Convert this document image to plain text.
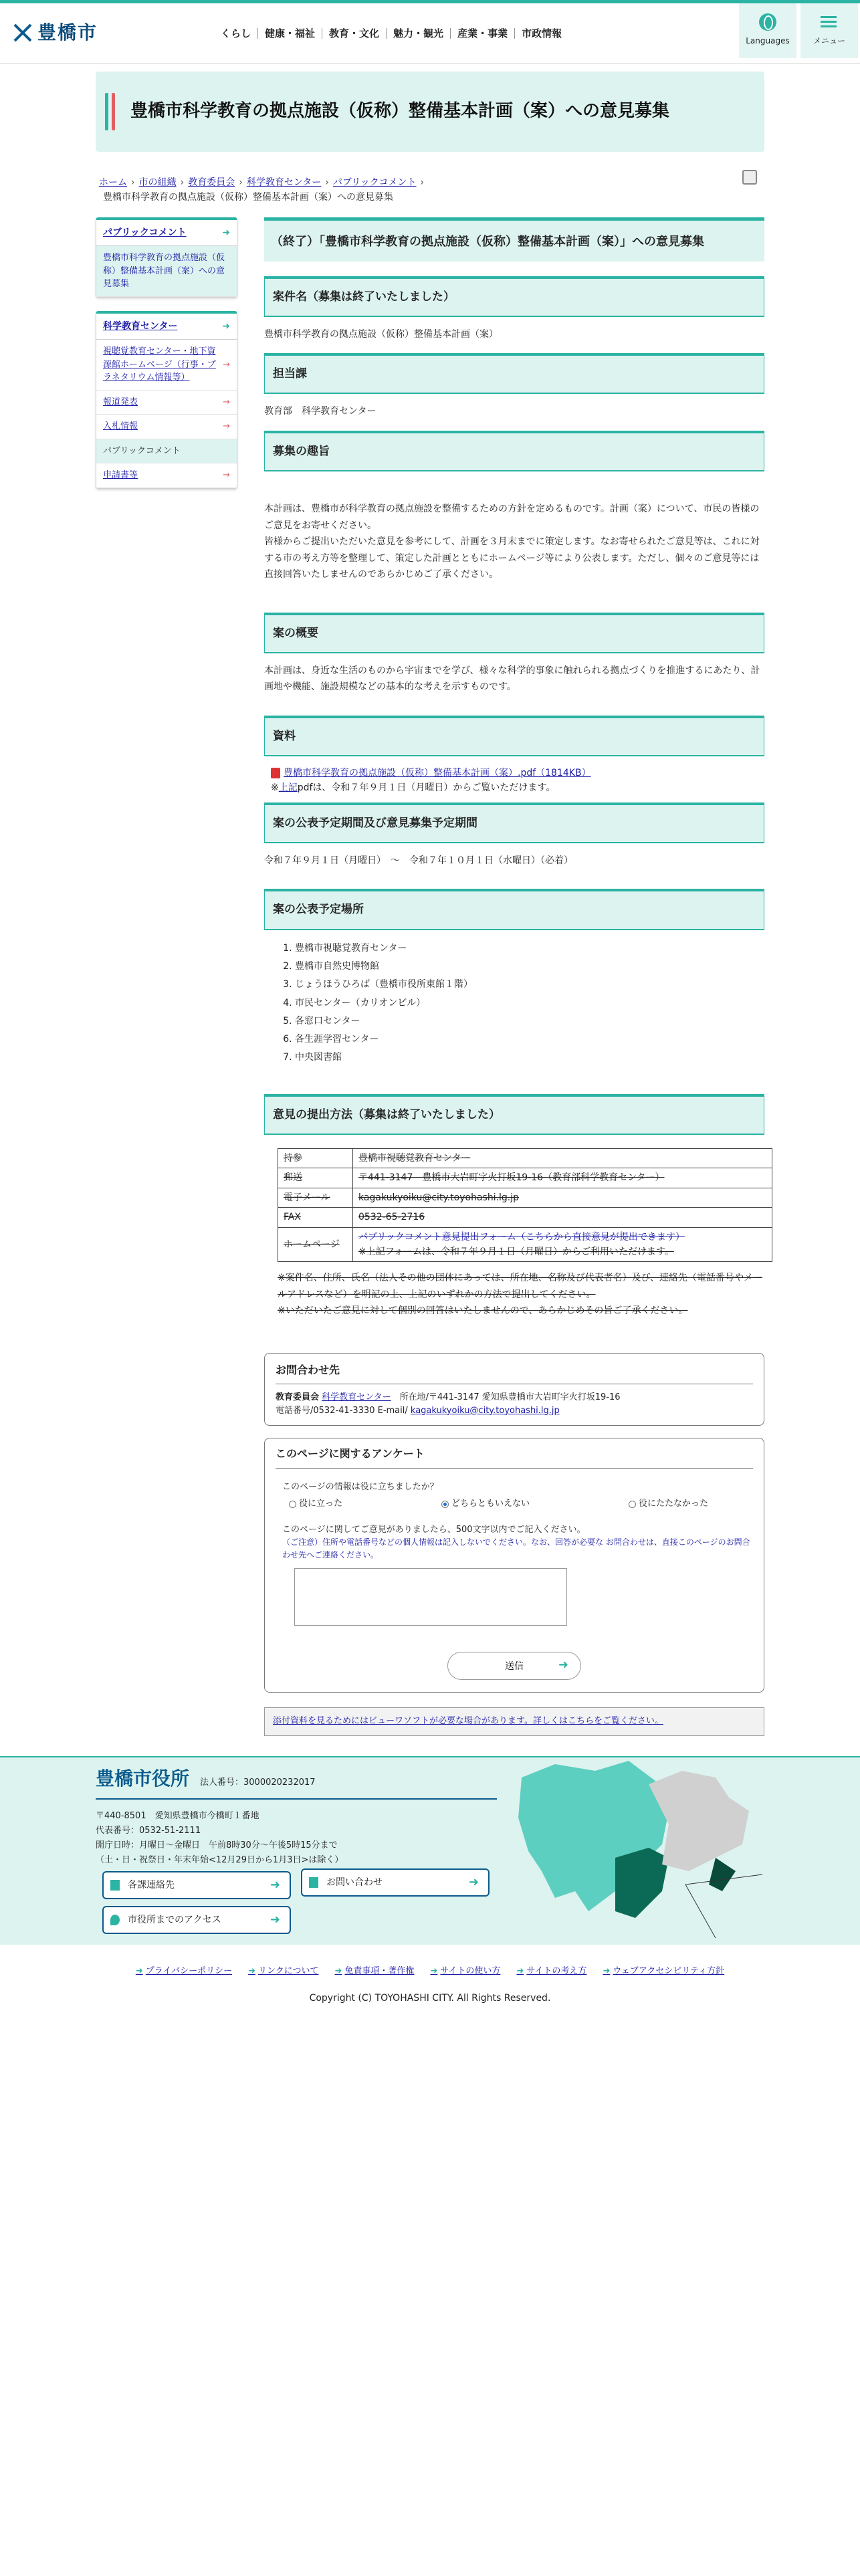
豊橋市	くらし	健康・福祉	教育・文化	魅力・観光	産業・事業	市政情報
Languages	メニュー
豊橋市科学教育の拠点施設（仮称）整備基本計画（案）への意見募集
ホーム › 市の組織 › 教育委員会 › 科学教育センター › パブリックコメント ›
豊橋市科学教育の拠点施設（仮称）整備基本計画（案）への意見募集
パブリックコメント	➜
豊橋市科学教育の拠点施設（仮称）整備基本計画（案）への意見募集
科学教育センター	➜
視聴覚教育センター・地下資源館ホームページ（行事・プラネタリウム情報等）
→
報道発表	→
入札情報	→
パブリックコメント
申請書等	→
（終了）「豊橋市科学教育の拠点施設（仮称）整備基本計画（案）」への意見募集
案件名（募集は終了いたしました）

豊橋市科学教育の拠点施設（仮称）整備基本計画（案）

担当課

教育部　科学教育センター

募集の趣旨

本計画は、豊橋市が科学教育の拠点施設を整備するための方針を定めるものです。計画（案）について、市民の皆様のご意見をお寄せください。

皆様からご提出いただいた意見を参考にして、計画を３月末までに策定します。なお寄せられたご意見等は、これに対する市の考え方等を整理して、策定した計画とともにホームページ等により公表します。ただし、個々のご意見等には直接回答いたしませんのであらかじめご了承ください。

案の概要

本計画は、身近な生活のものから宇宙までを学び、様々な科学的事象に触れられる拠点づくりを推進するにあたり、計画地や機能、施設規模などの基本的な考えを示すものです。

資料
豊橋市科学教育の拠点施設（仮称）整備基本計画（案）.pdf（1814KB）
※ 上記 pdfは、令和７年９月１日（月曜日）からご覧いただけます。
案の公表予定期間及び意見募集予定期間

令和７年９月１日（月曜日）　～　令和７年１０月１日（水曜日）（必着）

案の公表予定場所
1. 豊橋市視聴覚教育センター
2. 豊橋市自然史博物館
3. じょうほうひろば（豊橋市役所東館１階）
4. 市民センター（カリオンビル）
5. 各窓口センター
6. 各生涯学習センター
7. 中央図書館
意見の提出方法（募集は終了いたしました）
持参	豊橋市視聴覚教育センター
郵送	〒441-3147　豊橋市大岩町字火打坂19-16（教育部科学教育センター）
電子メール	kagakukyoiku@city.toyohashi.lg.jp
FAX	0532-65-2716
ホームページ	パブリックコメント意見提出フォーム（こちらから直接意見が提出できます）
※上記フォームは、令和７年９月１日（月曜日）からご利用いただけます。

※案件名、住所、氏名（法人その他の団体にあっては、所在地、名称及び代表者名）及び、連絡先（電話番号やメールアドレスなど）を明記の上、上記のいずれかの方法で提出してください。

※いただいたご意見に対して個別の回答はいたしませんので、あらかじめその旨ご了承ください。

お問合わせ先

教育委員会 科学教育センター　 所在地/〒441-3147 愛知県豊橋市大岩町字火打坂19-16

電話番号/0532-41-3330 E-mail/ kagakukyoiku@city.toyohashi.lg.jp

このページに関するアンケート

このページの情報は役に立ちましたか？

役に立った	どちらともいえない	役にたたなかった

このページに関してご意見がありましたら、500文字以内でご記入ください。

（ご注意）住所や電話番号などの個人情報は記入しないでください。なお、回答が必要な お問合わせは、直接このページのお問合わせ先へご連絡ください。

送信	➜
添付資料を見るためにはビューワソフトが必要な場合があります。詳しくはこちらをご覧ください。
豊橋市役所 法人番号：3000020232017
〒440-8501　愛知県豊橋市今橋町１番地
代表番号：0532-51-2111
開庁日時：月曜日～金曜日　午前8時30分～午後5時15分まで
（土・日・祝祭日・年末年始<12月29日から1月3日>は除く）
各課連絡先	➜	お問い合わせ	➜
市役所までのアクセス	➜
➜ プライバシーポリシー ➜ リンクについて ➜ 免責事項・著作権 ➜ サイトの使い方 ➜ サイトの考え方 ➜ ウェブアクセシビリティ方針

Copyright (C) TOYOHASHI CITY. All Rights Reserved.
